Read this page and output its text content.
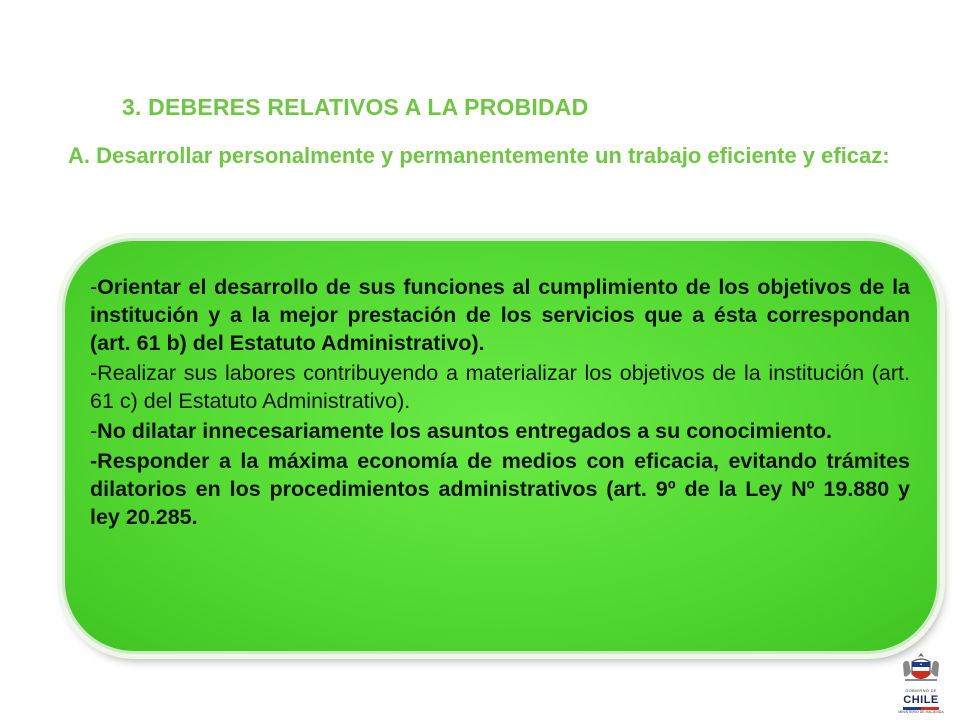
3. DEBERES RELATIVOS A LA PROBIDAD
A. Desarrollar personalmente y permanentemente un trabajo eficiente y eficaz:

-Orientar el desarrollo de sus funciones al cumplimiento de los objetivos de la institución y a la mejor prestación de los servicios que a ésta correspondan (art. 61 b) del Estatuto Administrativo).

-Realizar sus labores contribuyendo a materializar los objetivos de la institución (art. 61 c) del Estatuto Administrativo).

-No dilatar innecesariamente los asuntos entregados a su conocimiento.

-Responder a la máxima economía de medios con eficacia, evitando trámites dilatorios en los procedimientos administrativos (art. 9º de la Ley Nº 19.880 y ley 20.285.

GOBIERNO DE
CHILE
MINISTERIO DE HACIENDA
